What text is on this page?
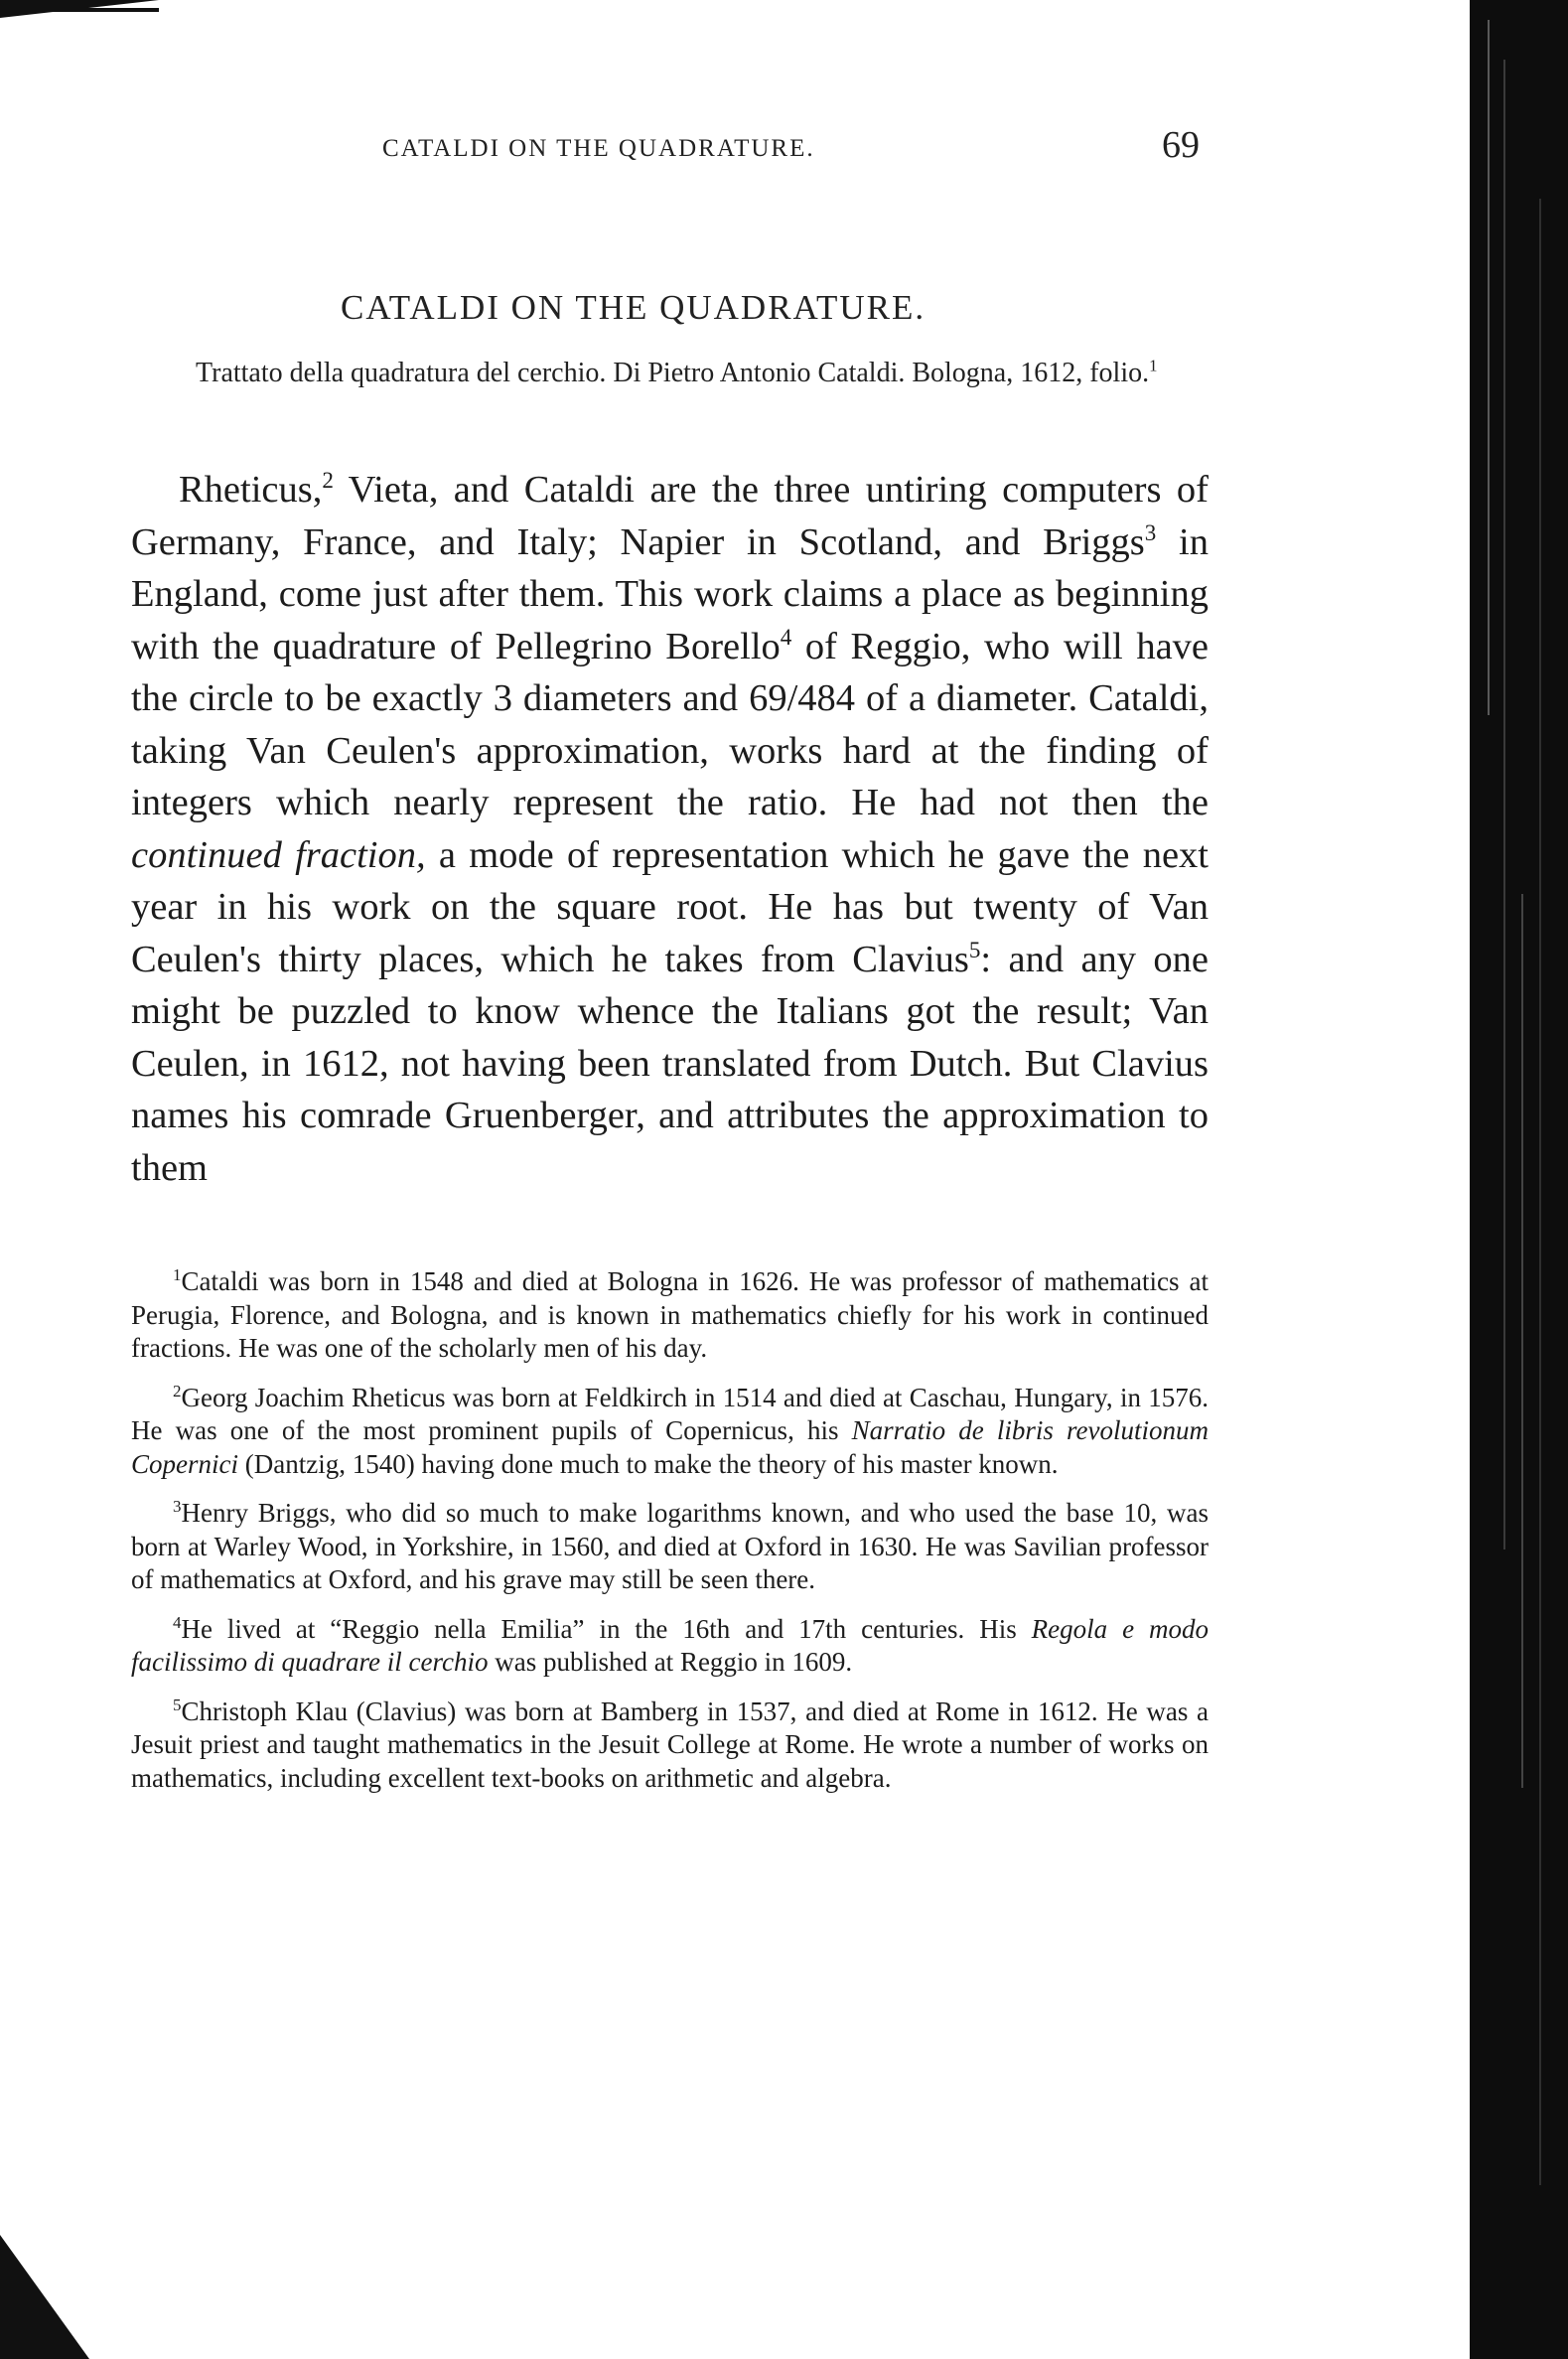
CATALDI ON THE QUADRATURE.	69
CATALDI ON THE QUADRATURE.
Trattato della quadratura del cerchio. Di Pietro Antonio Cataldi. Bologna, 1612, folio.$^1$

Rheticus,$^2$ Vieta, and Cataldi are the three untiring computers of Germany, France, and Italy; Napier in Scotland, and Briggs$^3$ in England, come just after them. This work claims a place as beginning with the quadrature of Pellegrino Borello$^4$ of Reggio, who will have the circle to be exactly 3 diameters and 69/484 of a diameter. Cataldi, taking Van Ceulen's approximation, works hard at the finding of integers which nearly represent the ratio. He had not then the continued fraction, a mode of representation which he gave the next year in his work on the square root. He has but twenty of Van Ceulen's thirty places, which he takes from Clavius$^5$: and any one might be puzzled to know whence the Italians got the result; Van Ceulen, in 1612, not having been translated from Dutch. But Clavius names his comrade Gruenberger, and attributes the approximation to them

$^1$Cataldi was born in 1548 and died at Bologna in 1626. He was professor of mathematics at Perugia, Florence, and Bologna, and is known in mathematics chiefly for his work in continued fractions. He was one of the scholarly men of his day.

$^2$Georg Joachim Rheticus was born at Feldkirch in 1514 and died at Caschau, Hungary, in 1576. He was one of the most prominent pupils of Copernicus, his Narratio de libris revolutionum Copernici (Dantzig, 1540) having done much to make the theory of his master known.

$^3$Henry Briggs, who did so much to make logarithms known, and who used the base 10, was born at Warley Wood, in Yorkshire, in 1560, and died at Oxford in 1630. He was Savilian professor of mathematics at Oxford, and his grave may still be seen there.

$^4$He lived at “Reggio nella Emilia” in the 16th and 17th centuries. His Regola e modo facilissimo di quadrare il cerchio was published at Reggio in 1609.

$^5$Christoph Klau (Clavius) was born at Bamberg in 1537, and died at Rome in 1612. He was a Jesuit priest and taught mathematics in the Jesuit College at Rome. He wrote a number of works on mathematics, including excellent text-books on arithmetic and algebra.
